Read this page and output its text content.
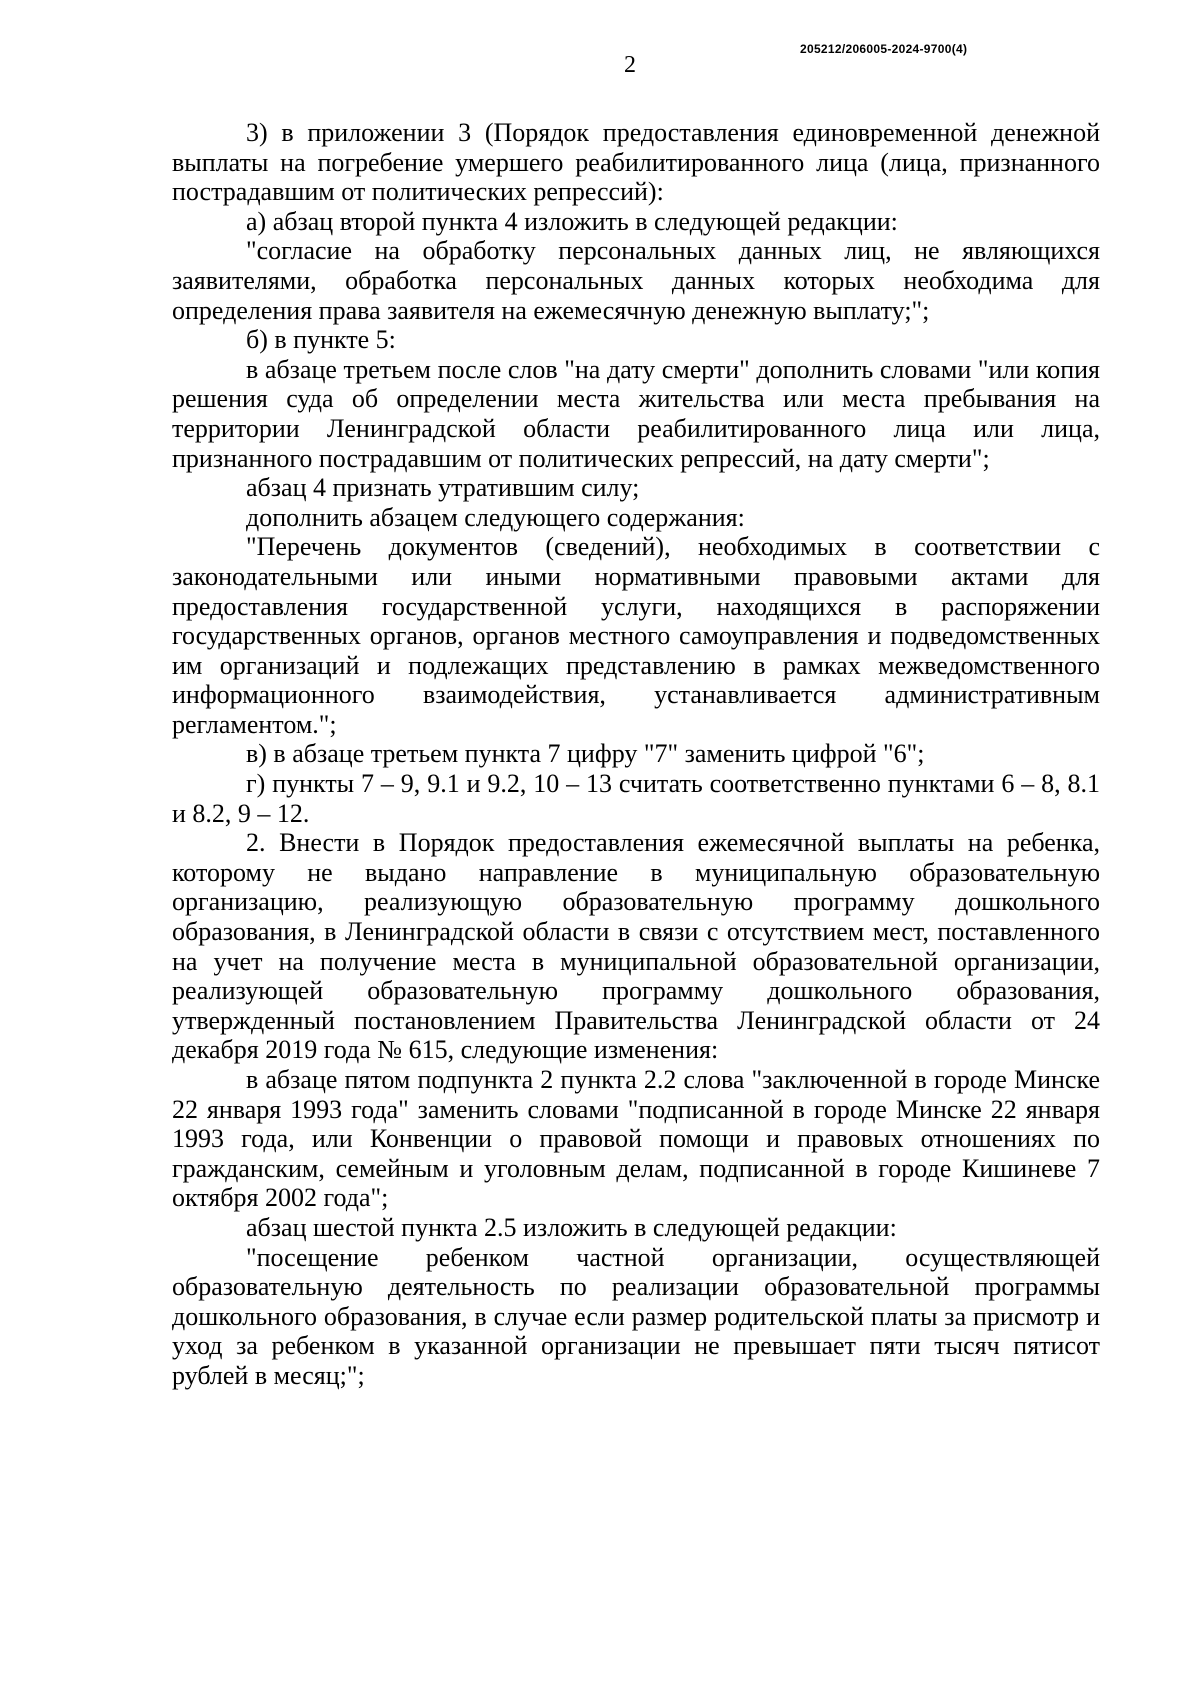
205212/206005-2024-9700(4)
2

3) в приложении 3 (Порядок предоставления единовременной денежной выплаты на погребение умершего реабилитированного лица (лица, признанного пострадавшим от политических репрессий):

а) абзац второй пункта 4 изложить в следующей редакции:

"согласие на обработку персональных данных лиц, не являющихся заявителями, обработка персональных данных которых необходима для определения права заявителя на ежемесячную денежную выплату;";

б) в пункте 5:

в абзаце третьем после слов "на дату смерти" дополнить словами "или копия решения суда об определении места жительства или места пребывания на территории Ленинградской области реабилитированного лица или лица, признанного пострадавшим от политических репрессий, на дату смерти";

абзац 4 признать утратившим силу;

дополнить абзацем следующего содержания:

"Перечень документов (сведений), необходимых в соответствии с законодательными или иными нормативными правовыми актами для предоставления государственной услуги, находящихся в распоряжении государственных органов, органов местного самоуправления и подведомственных им организаций и подлежащих представлению в рамках межведомственного информационного взаимодействия, устанавливается административным регламентом.";

в) в абзаце третьем пункта 7 цифру "7" заменить цифрой "6";

г) пункты 7 – 9, 9.1 и 9.2, 10 – 13 считать соответственно пунктами 6 – 8, 8.1 и 8.2, 9 – 12.

2. Внести в Порядок предоставления ежемесячной выплаты на ребенка, которому не выдано направление в муниципальную образовательную организацию, реализующую образовательную программу дошкольного образования, в Ленинградской области в связи с отсутствием мест, поставленного на учет на получение места в муниципальной образовательной организации, реализующей образовательную программу дошкольного образования, утвержденный постановлением Правительства Ленинградской области от 24 декабря 2019 года № 615, следующие изменения:

в абзаце пятом подпункта 2 пункта 2.2 слова "заключенной в городе Минске 22 января 1993 года" заменить словами "подписанной в городе Минске 22 января 1993 года, или Конвенции о правовой помощи и правовых отношениях по гражданским, семейным и уголовным делам, подписанной в городе Кишиневе 7 октября 2002 года";

абзац шестой пункта 2.5 изложить в следующей редакции:

"посещение ребенком частной организации, осуществляющей образовательную деятельность по реализации образовательной программы дошкольного образования, в случае если размер родительской платы за присмотр и уход за ребенком в указанной организации не превышает пяти тысяч пятисот рублей в месяц;";
